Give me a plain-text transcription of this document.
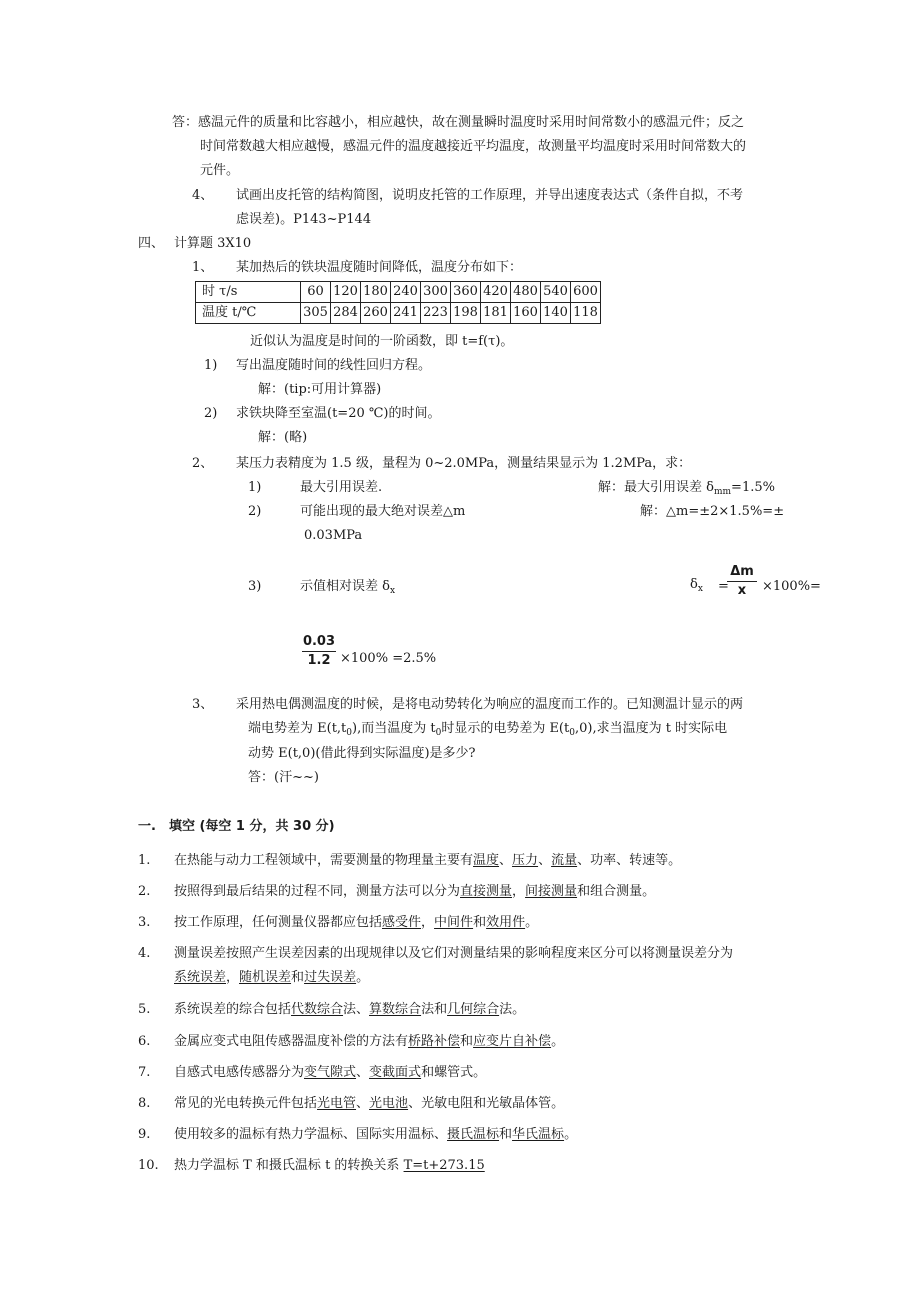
答：感温元件的质量和比容越小，相应越快，故在测量瞬时温度时采用时间常数小的感温元件；反之
时间常数越大相应越慢，感温元件的温度越接近平均温度，故测量平均温度时采用时间常数大的
元件。
4、 试画出皮托管的结构简图，说明皮托管的工作原理，并导出速度表达式（条件自拟，不考
虑误差)。P143~P144
四、 计算题 3X10
1、 某加热后的铁块温度随时间降低，温度分布如下：
时 τ/s	60	120	180	240	300	360	420	480	540	600
温度 t/℃	305	284	260	241	223	198	181	160	140	118
近似认为温度是时间的一阶函数，即 t=f(τ)。
1) 写出温度随时间的线性回归方程。
解：(tip:可用计算器)
2) 求铁块降至室温(t=20 ℃)的时间。
解：(略)
2、 某压力表精度为 1.5 级，量程为 0~2.0MPa，测量结果显示为 1.2MPa，求：
1)	最大引用误差.	解：最大引用误差 $\delta_{mm}=1.5\%$
2)	可能出现的最大绝对误差△m	解：△m=±2×1.5%=±
0.03MPa
3)	示值相对误差 $\delta_x$	$\delta_x$ =
Δm
x	×100%=
0.03
1.2 ×100% =2.5%
3、 采用热电偶测温度的时候，是将电动势转化为响应的温度而工作的。已知测温计显示的两
端电势差为 $E(t,t_0)$,而当温度为 $t_0$时显示的电势差为 $E(t_0,0)$,求当温度为 t 时实际电
动势 E(t,0)(借此得到实际温度)是多少?
答：(汗~~)
一.　填空 (每空 1 分，共 30 分)
1. 在热能与动力工程领域中，需要测量的物理量主要有温度、压力、流量、功率、转速等。
2. 按照得到最后结果的过程不同，测量方法可以分为直接测量，间接测量和组合测量。
3. 按工作原理，任何测量仪器都应包括感受件，中间件和效用件。
4. 测量误差按照产生误差因素的出现规律以及它们对测量结果的影响程度来区分可以将测量误差分为
系统误差，随机误差和过失误差。
5. 系统误差的综合包括代数综合法、算数综合法和几何综合法。
6. 金属应变式电阻传感器温度补偿的方法有桥路补偿和应变片自补偿。
7. 自感式电感传感器分为变气隙式、变截面式和螺管式。
8. 常见的光电转换元件包括光电管、光电池、光敏电阻和光敏晶体管。
9. 使用较多的温标有热力学温标、国际实用温标、摄氏温标和华氏温标。
10. 热力学温标 T 和摄氏温标 t 的转换关系 T=t+273.15
